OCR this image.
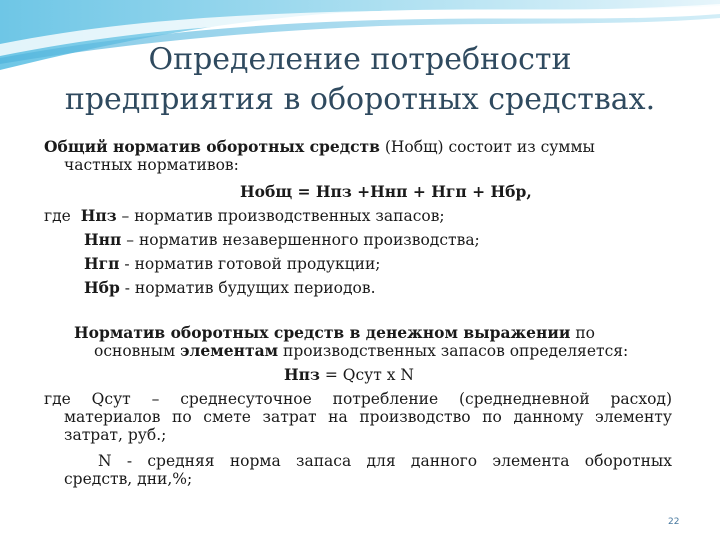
Определение потребности
предприятия в оборотных средствах.
Общий норматив оборотных средств (Нобщ) состоит из суммы
частных нормативов:
Нобщ = Нпз +Ннп + Нгп + Нбр,
где Нпз – норматив производственных запасов;
Ннп – норматив незавершенного производства;
Нгп - норматив готовой продукции;
Нбр - норматив будущих периодов.
Норматив оборотных средств в денежном выражении по
основным элементам производственных запасов определяется:
Нпз = Qсут х N
где Qсут – среднесуточное потребление (среднедневной расход)
материалов по смете затрат на производство по данному элементу
затрат, руб.;
N - средняя норма запаса для данного элемента оборотных
средств, дни,%;
22
